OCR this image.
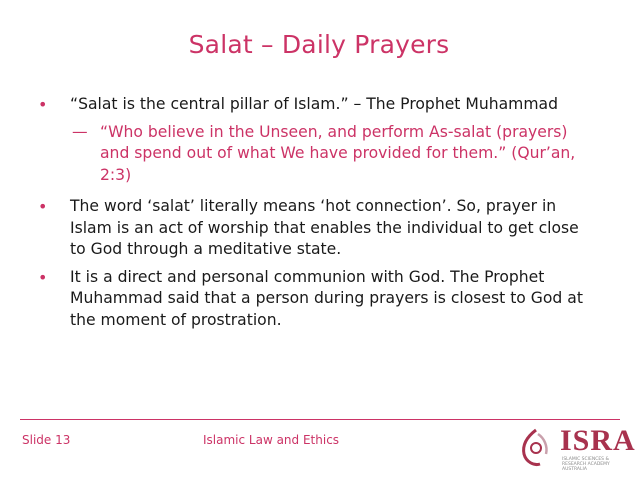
Salat – Daily Prayers
• “Salat is the central pillar of Islam.” – The Prophet Muhammad
— “Who believe in the Unseen, and perform As-salat (prayers) and spend out of what We have provided for them.” (Qur’an, 2:3)
• The word ‘salat’ literally means ‘hot connection’. So, prayer in Islam is an act of worship that enables the individual to get close to God through a meditative state.
• It is a direct and personal communion with God. The Prophet Muhammad said that a person during prayers is closest to God at the moment of prostration.
Slide 13	Islamic Law and Ethics	ISRA
ISLAMIC SCIENCES & RESEARCH ACADEMY AUSTRALIA
